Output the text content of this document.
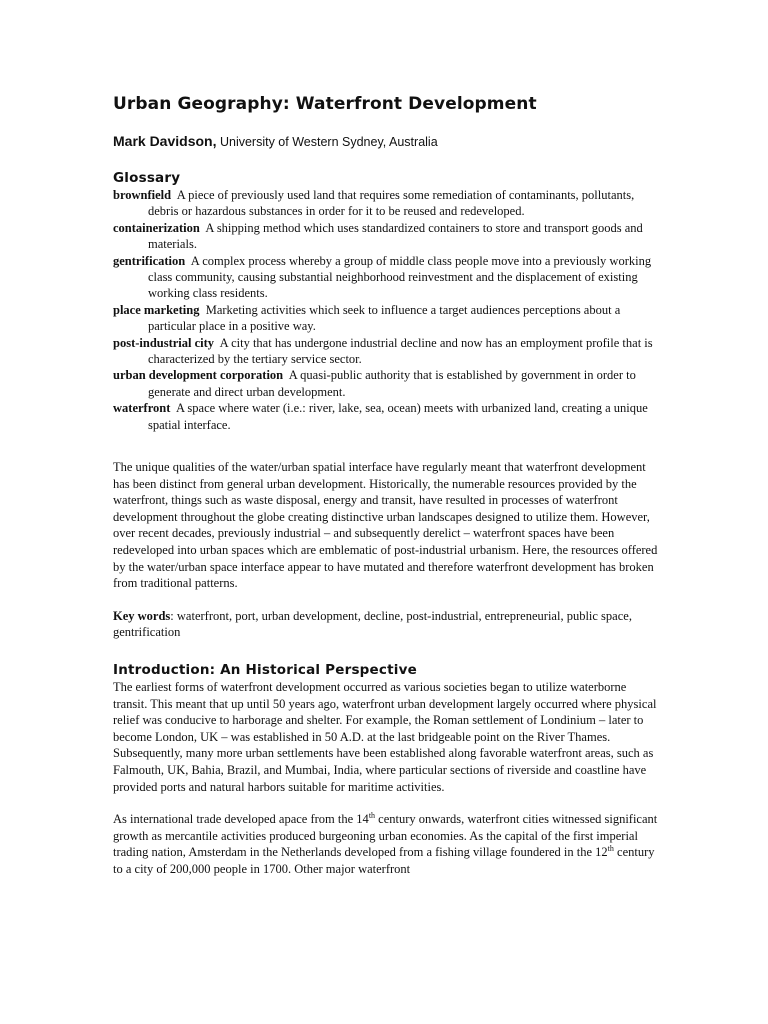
Urban Geography: Waterfront Development
Mark Davidson, University of Western Sydney, Australia
Glossary
brownfield A piece of previously used land that requires some remediation of contaminants, pollutants, debris or hazardous substances in order for it to be reused and redeveloped.
containerization A shipping method which uses standardized containers to store and transport goods and materials.
gentrification A complex process whereby a group of middle class people move into a previously working class community, causing substantial neighborhood reinvestment and the displacement of existing working class residents.
place marketing Marketing activities which seek to influence a target audiences perceptions about a particular place in a positive way.
post-industrial city A city that has undergone industrial decline and now has an employment profile that is characterized by the tertiary service sector.
urban development corporation A quasi-public authority that is established by government in order to generate and direct urban development.
waterfront A space where water (i.e.: river, lake, sea, ocean) meets with urbanized land, creating a unique spatial interface.

The unique qualities of the water/urban spatial interface have regularly meant that waterfront development has been distinct from general urban development. Historically, the numerable resources provided by the waterfront, things such as waste disposal, energy and transit, have resulted in processes of waterfront development throughout the globe creating distinctive urban landscapes designed to utilize them. However, over recent decades, previously industrial – and subsequently derelict – waterfront spaces have been redeveloped into urban spaces which are emblematic of post-industrial urbanism. Here, the resources offered by the water/urban space interface appear to have mutated and therefore waterfront development has broken from traditional patterns.

Key words: waterfront, port, urban development, decline, post-industrial, entrepreneurial, public space, gentrification

Introduction: An Historical Perspective

The earliest forms of waterfront development occurred as various societies began to utilize waterborne transit. This meant that up until 50 years ago, waterfront urban development largely occurred where physical relief was conducive to harborage and shelter. For example, the Roman settlement of Londinium – later to become London, UK – was established in 50 A.D. at the last bridgeable point on the River Thames. Subsequently, many more urban settlements have been established along favorable waterfront areas, such as Falmouth, UK, Bahia, Brazil, and Mumbai, India, where particular sections of riverside and coastline have provided ports and natural harbors suitable for maritime activities.

As international trade developed apace from the 14th century onwards, waterfront cities witnessed significant growth as mercantile activities produced burgeoning urban economies. As the capital of the first imperial trading nation, Amsterdam in the Netherlands developed from a fishing village foundered in the 12th century to a city of 200,000 people in 1700. Other major waterfront
